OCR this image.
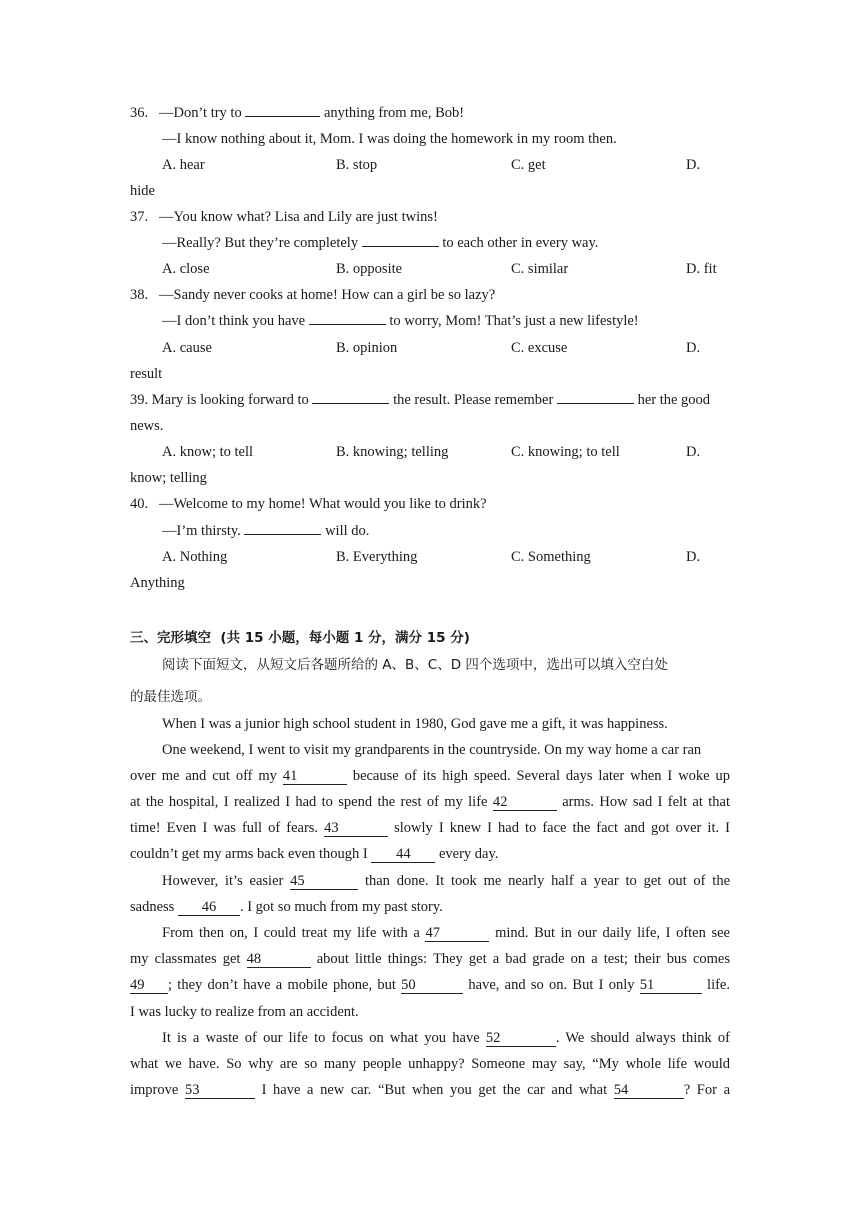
36.   —Don’t try to	anything from me, Bob!
—I know nothing about it, Mom. I was doing the homework in my room then.
A. hear	B. stop	C. get	D.
hide
37.   —You know what? Lisa and Lily are just twins!
—Really? But they’re completely	to each other in every way.
A. close	B. opposite	C. similar	D. fit
38.   —Sandy never cooks at home! How can a girl be so lazy?
—I don’t think you have	to worry, Mom! That’s just a new lifestyle!
A. cause	B. opinion	C. excuse	D.
result
39. Mary is looking forward to	the result. Please remember	her the good
news.
A. know; to tell	B. knowing; telling	C. knowing; to tell	D.
know; telling
40.   —Welcome to my home! What would you like to drink?
—I’m thirsty.	will do.
A. Nothing	B. Everything	C. Something	D.
Anything
三、完形填空  (共 15 小题，每小题 1 分，满分 15 分)
阅读下面短文，从短文后各题所给的 A、B、C、D 四个选项中，选出可以填入空白处
的最佳选项。
When I was a junior high school student in 1980, God gave me a gift, it was happiness.
One weekend, I went to visit my grandparents in the countryside. On my way home a car ran
over me and cut off my 41	because of its high speed. Several days later when I woke up
at the hospital, I realized I had to spend the rest of my life 42	arms. How sad I felt at that
time! Even I was full of fears. 43	slowly I knew I had to face the fact and got over it. I
couldn’t get my arms back even though I 44 every day.
However, it’s easier 45	than done. It took me nearly half a year to get out of the
sadness 46 . I got so much from my past story.
From then on, I could treat my life with a 47	mind. But in our daily life, I often see
my classmates get 48	about little things: They get a bad grade on a test; their bus comes
49 ; they don’t have a mobile phone, but 50	have, and so on. But I only 51	life.
I was lucky to realize from an accident.
It is a waste of our life to focus on what you have 52	. We should always think of
what we have. So why are so many people unhappy? Someone may say, “My whole life would
improve 53	I have a new car. “But when you get the car and what 54	? For a
